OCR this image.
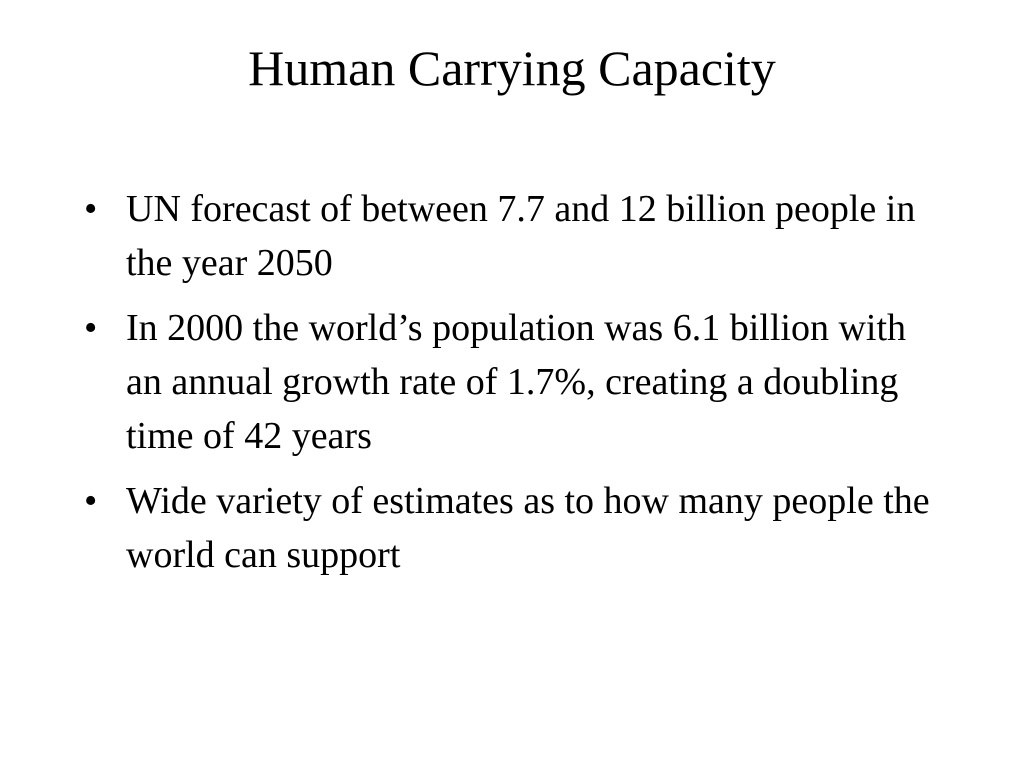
Human Carrying Capacity
• UN forecast of between 7.7 and 12 billion people in the year 2050
• In 2000 the world’s population was 6.1 billion with an annual growth rate of 1.7%, creating a doubling time of 42 years
• Wide variety of estimates as to how many people the world can support
